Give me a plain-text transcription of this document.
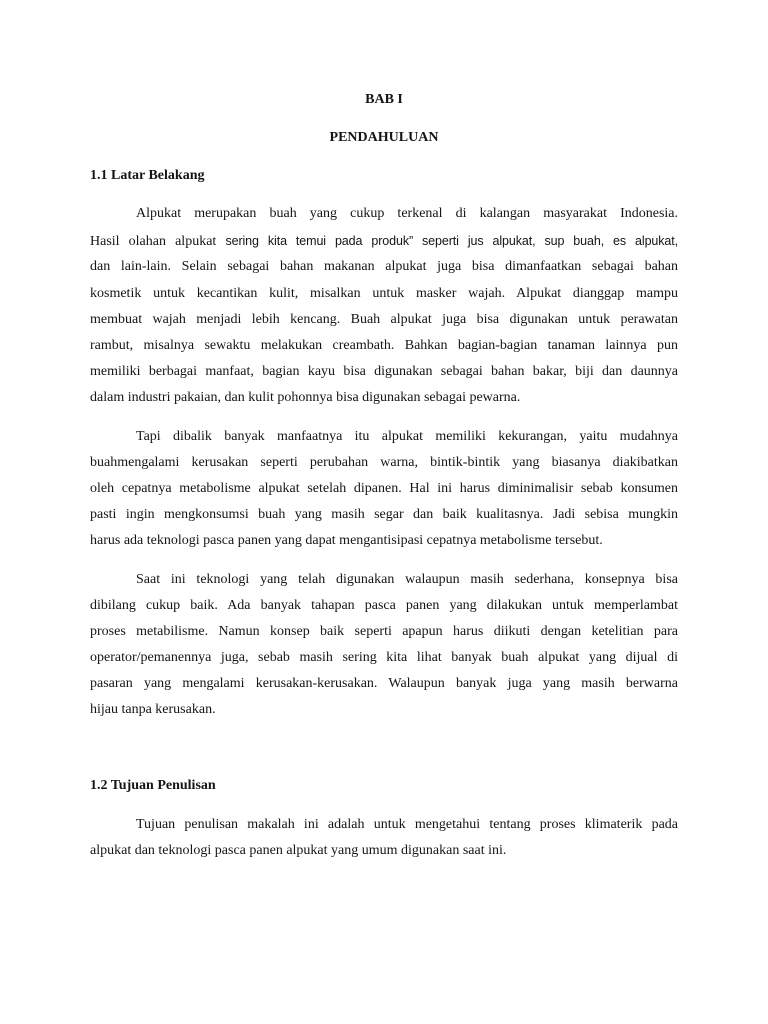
BAB I
PENDAHULUAN
1.1 Latar Belakang
Alpukat merupakan buah yang cukup terkenal di kalangan masyarakat Indonesia.
Hasil olahan alpukat sering kita temui pada produk” seperti jus alpukat, sup buah, es alpukat,
dan lain-lain. Selain sebagai bahan makanan alpukat juga bisa dimanfaatkan sebagai bahan
kosmetik untuk kecantikan kulit, misalkan untuk masker wajah. Alpukat dianggap mampu
membuat wajah menjadi lebih kencang. Buah alpukat juga bisa digunakan untuk perawatan
rambut, misalnya sewaktu melakukan creambath. Bahkan bagian-bagian tanaman lainnya pun
memiliki berbagai manfaat, bagian kayu bisa digunakan sebagai bahan bakar, biji dan daunnya
dalam industri pakaian, dan kulit pohonnya bisa digunakan sebagai pewarna.
Tapi dibalik banyak manfaatnya itu alpukat memiliki kekurangan, yaitu mudahnya
buahmengalami kerusakan seperti perubahan warna, bintik-bintik yang biasanya diakibatkan
oleh cepatnya metabolisme alpukat setelah dipanen. Hal ini harus diminimalisir sebab konsumen
pasti ingin mengkonsumsi buah yang masih segar dan baik kualitasnya. Jadi sebisa mungkin
harus ada teknologi pasca panen yang dapat mengantisipasi cepatnya metabolisme tersebut.
Saat ini teknologi yang telah digunakan walaupun masih sederhana, konsepnya bisa
dibilang cukup baik. Ada banyak tahapan pasca panen yang dilakukan untuk memperlambat
proses metabilisme. Namun konsep baik seperti apapun harus diikuti dengan ketelitian para
operator/pemanennya juga, sebab masih sering kita lihat banyak buah alpukat yang dijual di
pasaran yang mengalami kerusakan-kerusakan. Walaupun banyak juga yang masih berwarna
hijau tanpa kerusakan.
1.2 Tujuan Penulisan
Tujuan penulisan makalah ini adalah untuk mengetahui tentang proses klimaterik pada
alpukat dan teknologi pasca panen alpukat yang umum digunakan saat ini.
